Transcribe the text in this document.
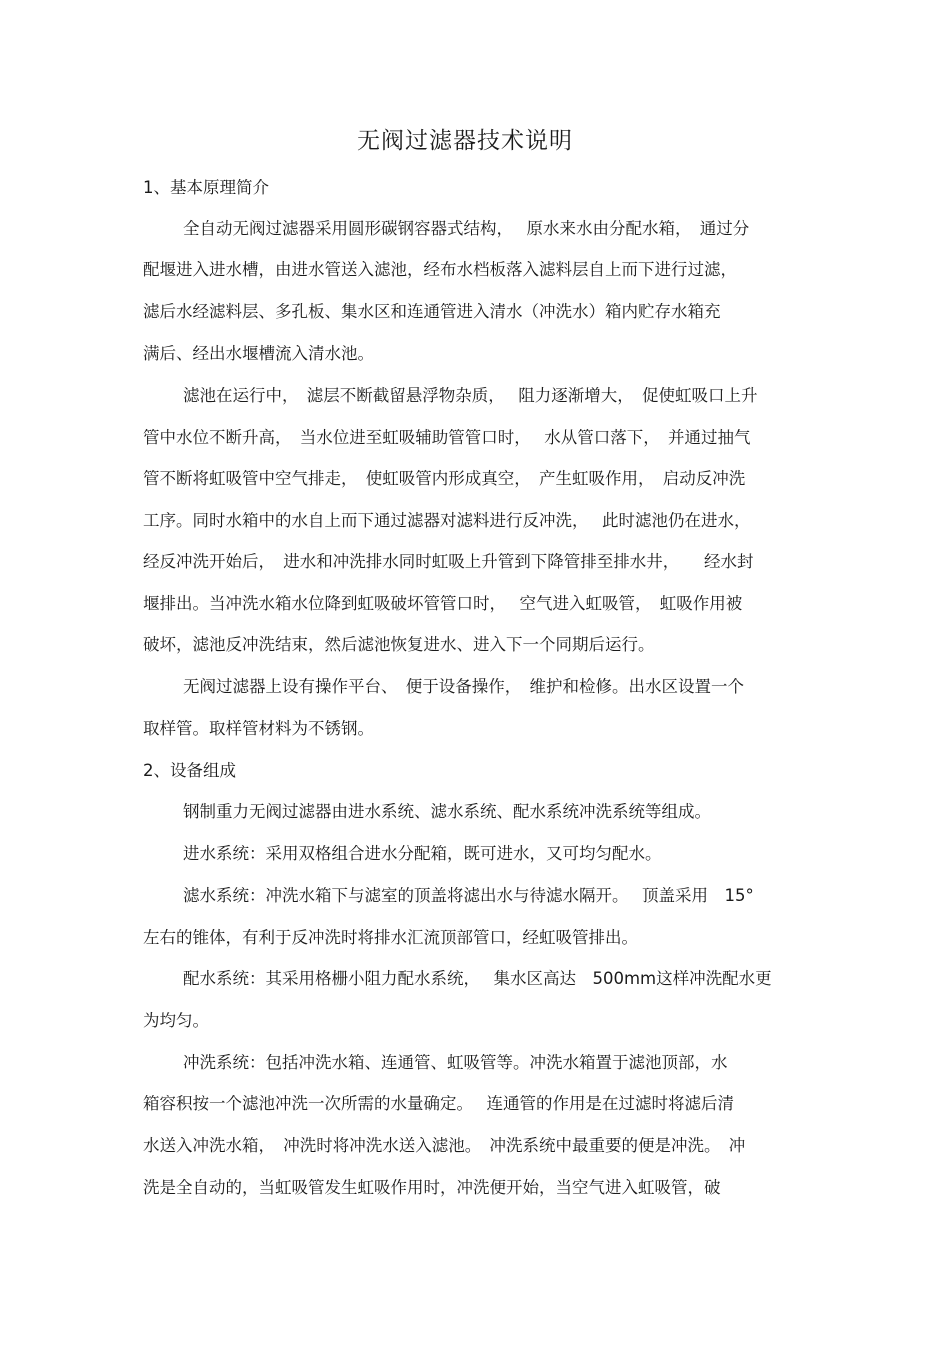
无阀过滤器技术说明
1、基本原理简介
全自动无阀过滤器采用圆形碳钢容器式结构，　 原水来水由分配水箱，　通过分
配堰进入进水槽，由进水管送入滤池，经布水档板落入滤料层自上而下进行过滤，
滤后水经滤料层、多孔板、集水区和连通管进入清水（冲洗水）箱内贮存水箱充
满后、经出水堰槽流入清水池。
滤池在运行中，　滤层不断截留悬浮物杂质，　 阻力逐渐增大，　促使虹吸口上升
管中水位不断升高，　当水位进至虹吸辅助管管口时，　 水从管口落下，　并通过抽气
管不断将虹吸管中空气排走，　使虹吸管内形成真空，　产生虹吸作用，　启动反冲洗
工序。同时水箱中的水自上而下通过滤器对滤料进行反冲洗，　 此时滤池仍在进水，
经反冲洗开始后，　进水和冲洗排水同时虹吸上升管到下降管排至排水井，　　经水封
堰排出。当冲洗水箱水位降到虹吸破坏管管口时，　 空气进入虹吸管，　虹吸作用被
破坏，滤池反冲洗结束，然后滤池恢复进水、进入下一个同期后运行。
无阀过滤器上设有操作平台、　便于设备操作，　维护和检修。出水区设置一个
取样管。取样管材料为不锈钢。
2、设备组成
钢制重力无阀过滤器由进水系统、滤水系统、配水系统冲洗系统等组成。
进水系统：采用双格组合进水分配箱，既可进水，又可均匀配水。
滤水系统：冲洗水箱下与滤室的顶盖将滤出水与待滤水隔开。　 顶盖采用　15°
左右的锥体，有利于反冲洗时将排水汇流顶部管口，经虹吸管排出。
配水系统：其采用格栅小阻力配水系统，　 集水区高达　500mm这样冲洗配水更
为均匀。
冲洗系统：包括冲洗水箱、连通管、虹吸管等。冲洗水箱置于滤池顶部，水
箱容积按一个滤池冲洗一次所需的水量确定。　 连通管的作用是在过滤时将滤后清
水送入冲洗水箱，　冲洗时将冲洗水送入滤池。　冲洗系统中最重要的便是冲洗。　冲
洗是全自动的，当虹吸管发生虹吸作用时，冲洗便开始，当空气进入虹吸管，破
